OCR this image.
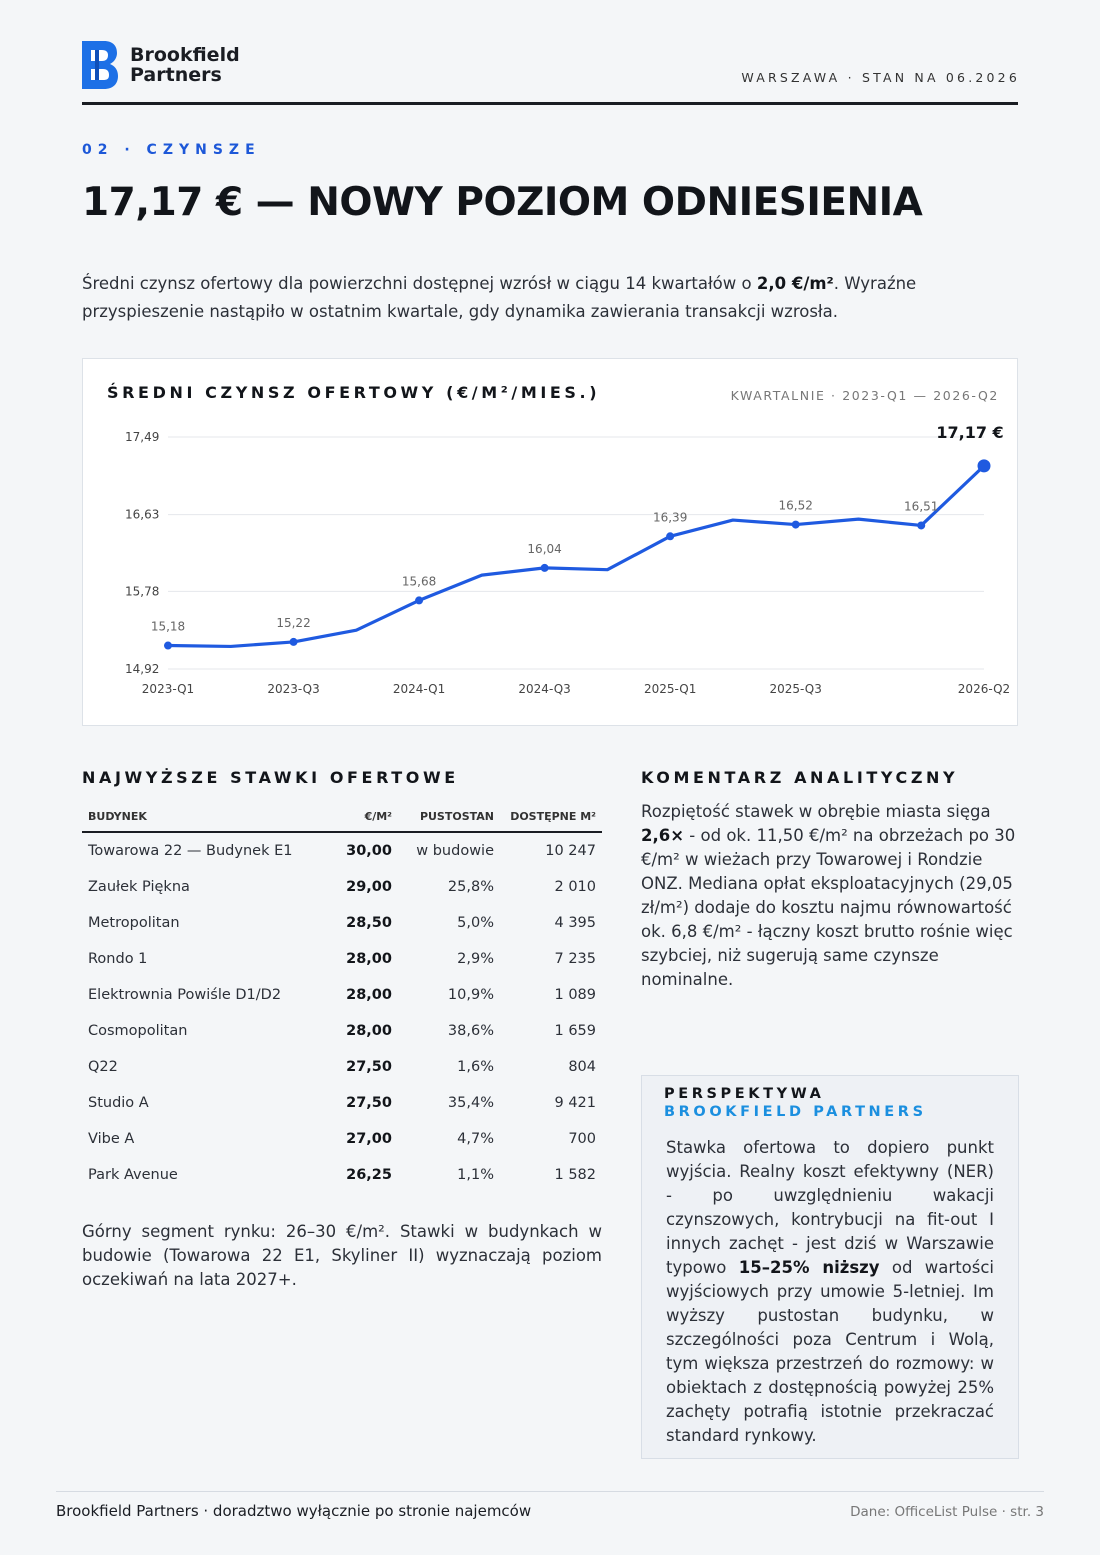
Brookfield
Partners	WARSZAWA · STAN NA 06.2026
02 · CZYNSZE
17,17 € — NOWY POZIOM ODNIESIENIA
Średni czynsz ofertowy dla powierzchni dostępnej wzrósł w ciągu 14 kwartałów o 2,0 €/m². Wyraźne przyspieszenie nastąpiło w ostatnim kwartale, gdy dynamika zawierania transakcji wzrosła.
14,92
15,78
16,63
17,49
2023-Q1	2023-Q3	2024-Q1	2024-Q3	2025-Q1	2025-Q3	2026-Q2
15,18	15,22
15,68
16,04
16,39
16,52	16,51
17,17 €
ŚREDNI CZYNSZ OFERTOWY (€/M²/MIES.)	KWARTALNIE · 2023-Q1 — 2026-Q2
NAJWYŻSZE STAWKI OFERTOWE
BUDYNEK	€/M²	PUSTOSTAN	DOSTĘPNE M²
Towarowa 22 — Budynek E1	30,00	w budowie	10 247
Zaułek Piękna	29,00	25,8%	2 010
Metropolitan	28,50	5,0%	4 395
Rondo 1	28,00	2,9%	7 235
Elektrownia Powiśle D1/D2	28,00	10,9%	1 089
Cosmopolitan	28,00	38,6%	1 659
Q22	27,50	1,6%	804
Studio A	27,50	35,4%	9 421
Vibe A	27,00	4,7%	700
Park Avenue	26,25	1,1%	1 582
Górny segment rynku: 26–30 €/m². Stawki w budynkach w budowie (Towarowa 22 E1, Skyliner II) wyznaczają poziom oczekiwań na lata 2027+.
KOMENTARZ ANALITYCZNY
Rozpiętość stawek w obrębie miasta sięga 2,6× - od ok. 11,50 €/m² na obrzeżach po 30 €/m² w wieżach przy Towarowej i Rondzie ONZ. Mediana opłat eksploatacyjnych (29,05 zł/m²) dodaje do kosztu najmu równowartość ok. 6,8 €/m² - łączny koszt brutto rośnie więc szybciej, niż sugerują same czynsze nominalne.
PERSPEKTYWA
BROOKFIELD PARTNERS
Stawka ofertowa to dopiero punkt wyjścia. Realny koszt efektywny (NER) - po uwzględnieniu wakacji czynszowych, kontrybucji na fit-out I innych zachęt - jest dziś w Warszawie typowo 15–25% niższy od wartości wyjściowych przy umowie 5-letniej. Im wyższy pustostan budynku, w szczególności poza Centrum i Wolą, tym większa przestrzeń do rozmowy: w obiektach z dostępnością powyżej 25% zachęty potrafią istotnie przekraczać standard rynkowy.
Brookfield Partners · doradztwo wyłącznie po stronie najemców	Dane: OfficeList Pulse · str. 3
